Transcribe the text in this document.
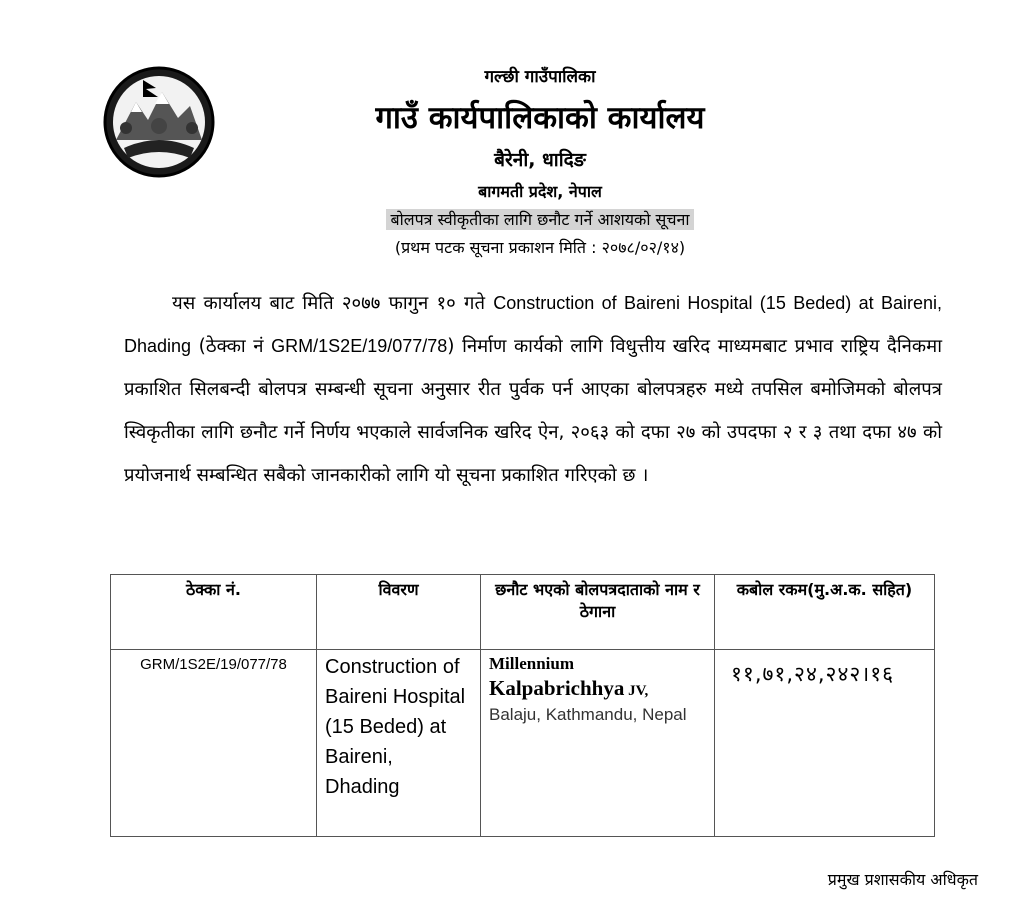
गल्छी गाउँपालिका
गाउँ कार्यपालिकाको कार्यालय
बैरेनी, धादिङ
बागमती प्रदेश, नेपाल
बोलपत्र स्वीकृतीका लागि छनौट गर्ने आशयको सूचना
(प्रथम पटक सूचना प्रकाशन मिति : २०७८/०२/१४)
यस कार्यालय बाट मिति २०७७ फागुन १० गते Construction of Baireni Hospital (15 Beded) at Baireni, Dhading (ठेक्का नं GRM/1S2E/19/077/78) निर्माण कार्यको लागि विधुत्तीय खरिद माध्यमबाट प्रभाव राष्ट्रिय दैनिकमा प्रकाशित सिलबन्दी बोलपत्र सम्बन्धी सूचना अनुसार रीत पुर्वक पर्न आएका बोलपत्रहरु मध्ये तपसिल बमोजिमको बोलपत्र स्विकृतीका लागि छनौट गर्ने निर्णय भएकाले सार्वजनिक खरिद ऐन, २०६३ को दफा २७ को उपदफा २ र ३ तथा दफा ४७ को प्रयोजनार्थ सम्बन्धित सबैको जानकारीको लागि यो सूचना प्रकाशित गरिएको छ ।
ठेक्का नं.	विवरण	छनौट भएको बोलपत्रदाताको नाम र ठेगाना	कबोल रकम(मु.अ.क. सहित)
GRM/1S2E/19/077/78	Construction of Baireni Hospital (15 Beded) at Baireni, Dhading	Millennium
Kalpabrichhya JV,
Balaju, Kathmandu, Nepal	११,७१,२४,२४२।१६
प्रमुख प्रशासकीय अधिकृत
